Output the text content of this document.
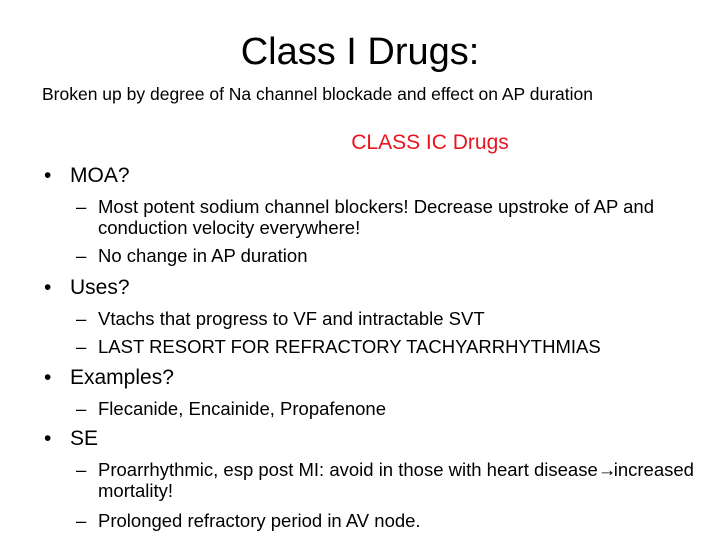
Class I Drugs:
Broken up by degree of Na channel blockade and effect on AP duration
CLASS IC Drugs
• MOA?
– Most potent sodium channel blockers! Decrease upstroke of AP and conduction velocity everywhere!
– No change in AP duration
• Uses?
– Vtachs that progress to VF and intractable SVT
– LAST RESORT FOR REFRACTORY TACHYARRHYTHMIAS
• Examples?
– Flecanide, Encainide, Propafenone
• SE
– Proarrhythmic, esp post MI: avoid in those with heart disease→increased mortality!
– Prolonged refractory period in AV node.
